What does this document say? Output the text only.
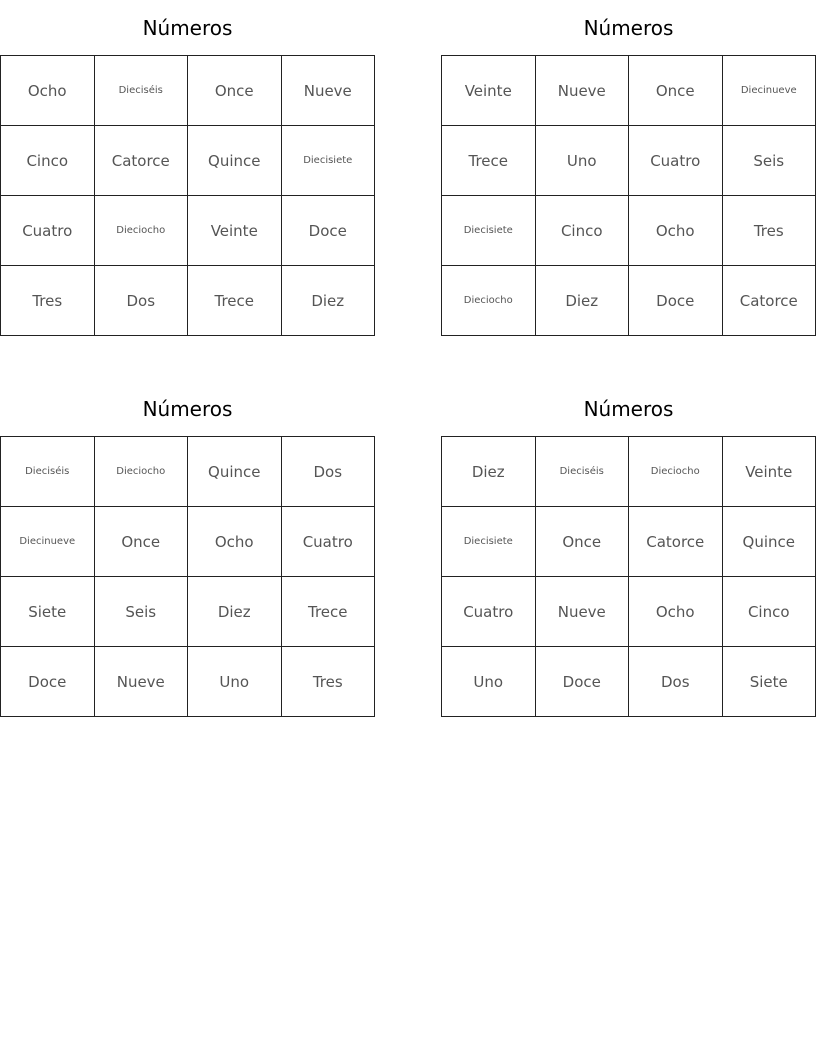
Números
Ocho	Dieciséis	Once	Nueve
Cinco	Catorce	Quince	Diecisiete
Cuatro	Dieciocho	Veinte	Doce
Tres	Dos	Trece	Diez
Números
Veinte	Nueve	Once	Diecinueve
Trece	Uno	Cuatro	Seis
Diecisiete	Cinco	Ocho	Tres
Dieciocho	Diez	Doce	Catorce
Números
Dieciséis	Dieciocho	Quince	Dos
Diecinueve	Once	Ocho	Cuatro
Siete	Seis	Diez	Trece
Doce	Nueve	Uno	Tres
Números
Diez	Dieciséis	Dieciocho	Veinte
Diecisiete	Once	Catorce	Quince
Cuatro	Nueve	Ocho	Cinco
Uno	Doce	Dos	Siete
